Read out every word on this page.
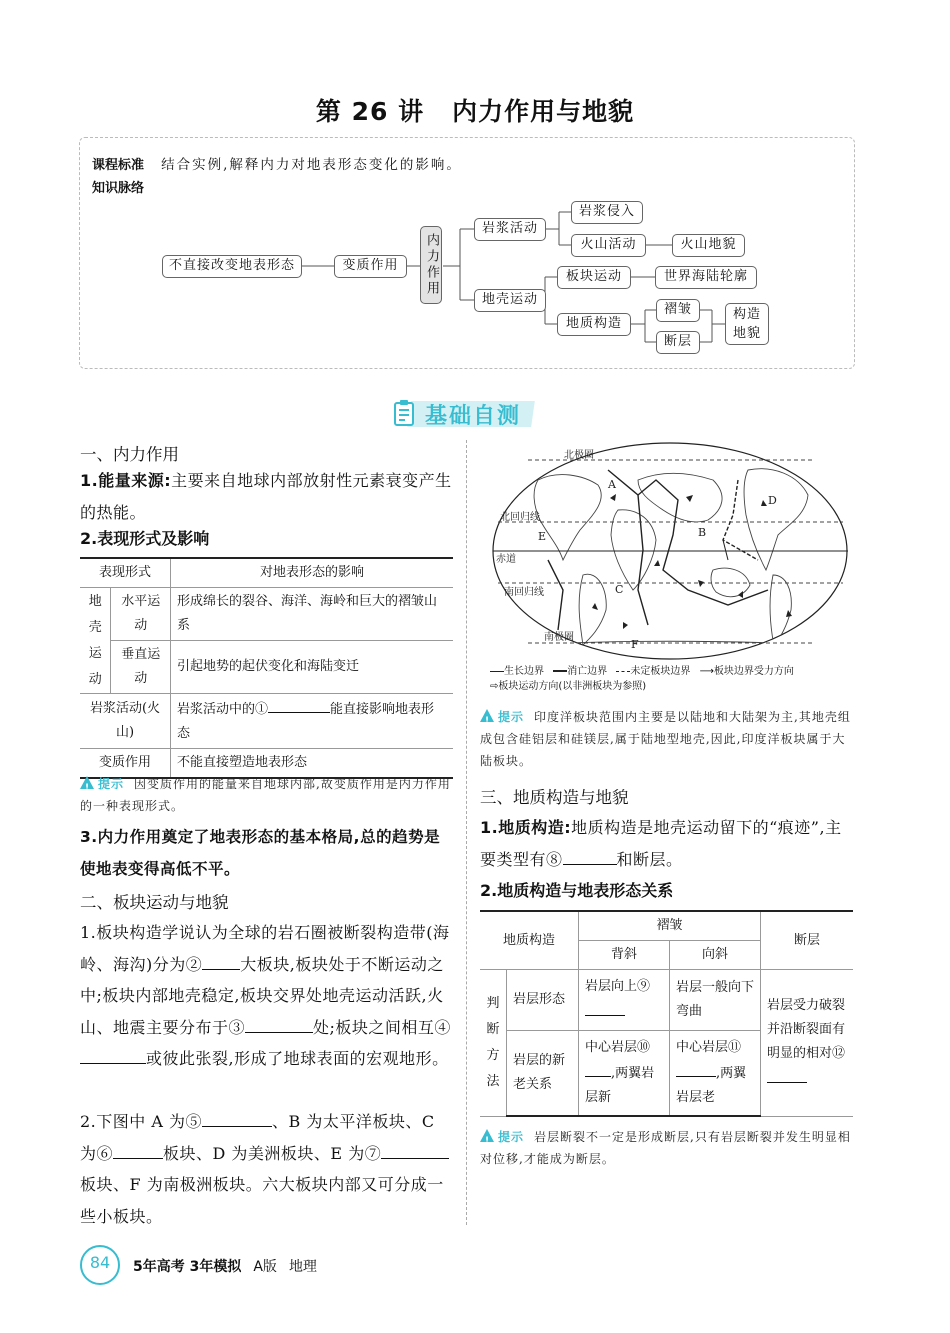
第 26 讲 内力作用与地貌
课程标准 结合实例,解释内力对地表形态变化的影响。
知识脉络
不直接改变地表形态	变质作用	内力作用
岩浆活动
地壳运动
岩浆侵入
火山活动	火山地貌
板块运动	世界海陆轮廓
地质构造
褶皱
断层
构造地貌
基础自测
一、内力作用
1.能量来源:主要来自地球内部放射性元素衰变产生的热能。
2.表现形式及影响
表现形式		对地表形态的影响
地壳运动	水平运动	形成绵长的裂谷、海洋、海岭和巨大的褶皱山系
	垂直运动	引起地势的起伏变化和海陆变迁
岩浆活动(火山)		岩浆活动中的① 能直接影响地表形态
变质作用		不能直接塑造地表形态
!提示 因变质作用的能量来自地球内部,故变质作用是内力作用的一种表现形式。
3.内力作用奠定了地表形态的基本格局,总的趋势是使地表变得高低不平。
二、板块运动与地貌
1.板块构造学说认为全球的岩石圈被断裂构造带(海岭、海沟)分为② 大板块,板块处于不断运动之中;板块内部地壳稳定,板块交界处地壳运动活跃,火山、地震主要分布于③	处;板块之间相互④或彼此张裂,形成了地球表面的宏观地形。
2.下图中 A 为⑤	、B 为太平洋板块、C 为⑥	板块、D 为美洲板块、E 为⑦板块、F 为南极洲板块。六大板块内部又可分成一些小板块。
北极圈
北回归线
赤道
南回归线
南极圈
A
B
C
D
E
F
生长边界 消亡边界 未定板块边界 ⟶板块边界受力方向
⇨板块运动方向(以非洲板块为参照)
!提示 印度洋板块范围内主要是以陆地和大陆架为主,其地壳组成包含硅铝层和硅镁层,属于陆地型地壳,因此,印度洋板块属于大陆板块。
三、地质构造与地貌
1.地质构造:地质构造是地壳运动留下的“痕迹”,主要类型有⑧	和断层。
2.地质构造与地表形态关系
地质构造		褶皱		断层
		背斜	向斜	
判断方法	岩层形态	岩层向上⑨	岩层一般向下弯曲	岩层受力破裂并沿断裂面有明显的相对⑫
	岩层的新老关系	中心岩层⑩,两翼岩层新	中心岩层⑪,两翼岩层老	
!提示 岩层断裂不一定是形成断层,只有岩层断裂并发生明显相对位移,才能成为断层。
84	5年高考 3年模拟 A版 地理
